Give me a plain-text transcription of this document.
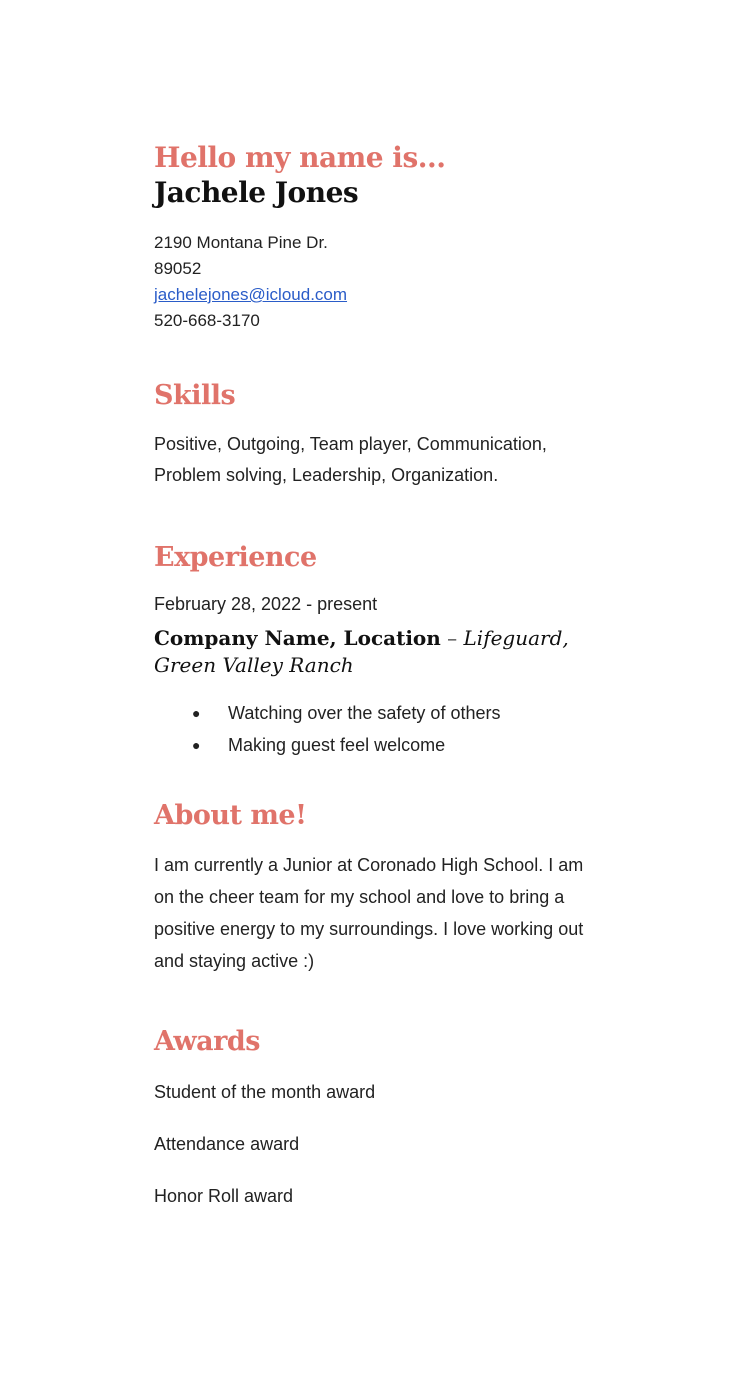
Hello my name is...
Jachele Jones
2190 Montana Pine Dr.
89052
jachelejones@icloud.com
520-668-3170
Skills

Positive, Outgoing, Team player, Communication, Problem solving, Leadership, Organization.

Experience
February 28, 2022 - present
Company Name, Location – Lifeguard, Green Valley Ranch
● Watching over the safety of others
● Making guest feel welcome
About me!

I am currently a Junior at Coronado High School. I am on the cheer team for my school and love to bring a positive energy to my surroundings. I love working out and staying active :)

Awards
Student of the month award
Attendance award
Honor Roll award
